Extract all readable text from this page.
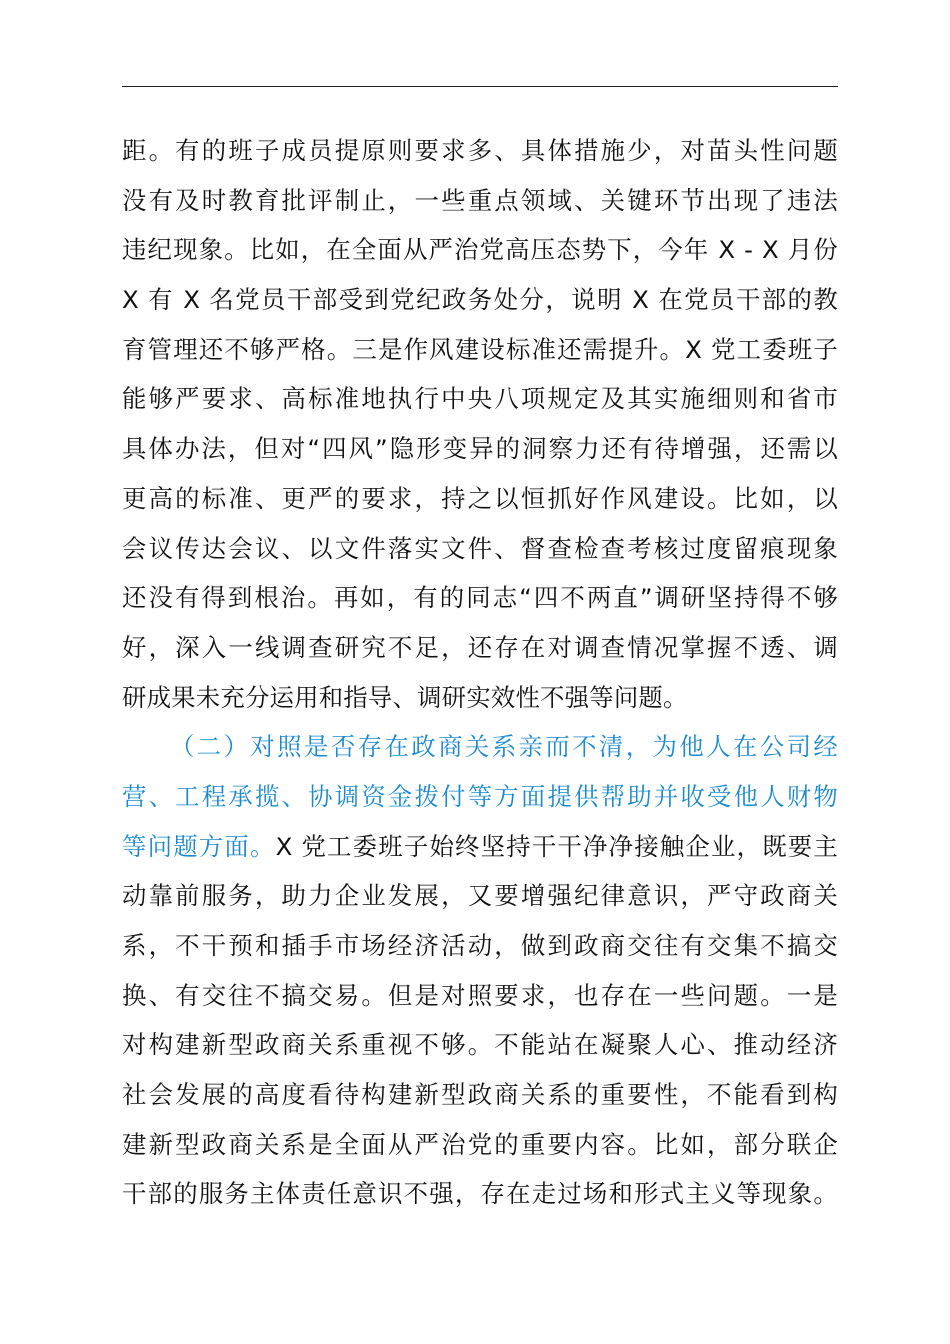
距。有的班子成员提原则要求多、具体措施少，对苗头性问题
没有及时教育批评制止，一些重点领域、关键环节出现了违法
违纪现象。比如，在全面从严治党高压态势下，今年 X - X 月份
X 有 X 名党员干部受到党纪政务处分，说明 X 在党员干部的教
育管理还不够严格。三是作风建设标准还需提升。X 党工委班子
能够严要求、高标准地执行中央八项规定及其实施细则和省市
具体办法，但对“四风”隐形变异的洞察力还有待增强，还需以
更高的标准、更严的要求，持之以恒抓好作风建设。比如，以
会议传达会议、以文件落实文件、督查检查考核过度留痕现象
还没有得到根治。再如，有的同志“四不两直”调研坚持得不够
好，深入一线调查研究不足，还存在对调查情况掌握不透、调
研成果未充分运用和指导、调研实效性不强等问题。
（二）对照是否存在政商关系亲而不清，为他人在公司经
营、工程承揽、协调资金拨付等方面提供帮助并收受他人财物
等问题方面。X 党工委班子始终坚持干干净净接触企业，既要主
动靠前服务，助力企业发展，又要增强纪律意识，严守政商关
系，不干预和插手市场经济活动，做到政商交往有交集不搞交
换、有交往不搞交易。但是对照要求，也存在一些问题。一是
对构建新型政商关系重视不够。不能站在凝聚人心、推动经济
社会发展的高度看待构建新型政商关系的重要性，不能看到构
建新型政商关系是全面从严治党的重要内容。比如，部分联企
干部的服务主体责任意识不强，存在走过场和形式主义等现象。
